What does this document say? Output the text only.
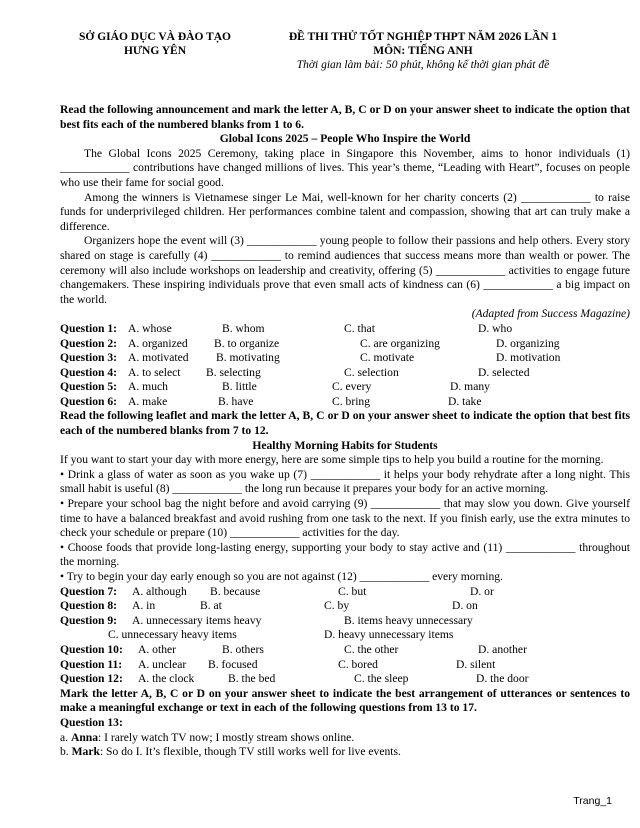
SỞ GIÁO DỤC VÀ ĐÀO TẠO
HƯNG YÊN
ĐỀ THI THỬ TỐT NGHIỆP THPT NĂM 2026 LẦN 1
MÔN: TIẾNG ANH
Thời gian làm bài: 50 phút, không kể thời gian phát đề

Read the following announcement and mark the letter A, B, C or D on your answer sheet to indicate the option that best fits each of the numbered blanks from 1 to 6.

Global Icons 2025 – People Who Inspire the World

The Global Icons 2025 Ceremony, taking place in Singapore this November, aims to honor individuals (1) ____________ contributions have changed millions of lives. This year’s theme, “Leading with Heart”, focuses on people who use their fame for social good.

Among the winners is Vietnamese singer Le Mai, well-known for her charity concerts (2) ____________ to raise funds for underprivileged children. Her performances combine talent and compassion, showing that art can truly make a difference.

Organizers hope the event will (3) ____________ young people to follow their passions and help others. Every story shared on stage is carefully (4) ____________ to remind audiences that success means more than wealth or power. The ceremony will also include workshops on leadership and creativity, offering (5) ____________ activities to engage future changemakers. These inspiring individuals prove that even small acts of kindness can (6) ____________ a big impact on the world.

(Adapted from Success Magazine)

Question 1: A. whose	B. whom	C. that	D. who
Question 2: A. organized B. to organize	C. are organizing	D. organizing
Question 3: A. motivated B. motivating	C. motivate	D. motivation
Question 4: A. to select B. selecting	C. selection	D. selected
Question 5: A. much	B. little	C. every	D. many
Question 6: A. make	B. have	C. bring	D. take

Read the following leaflet and mark the letter A, B, C or D on your answer sheet to indicate the option that best fits each of the numbered blanks from 7 to 12.

Healthy Morning Habits for Students

If you want to start your day with more energy, here are some simple tips to help you build a routine for the morning.

• Drink a glass of water as soon as you wake up (7) ____________ it helps your body rehydrate after a long night. This small habit is useful (8) ____________ the long run because it prepares your body for an active morning.

• Prepare your school bag the night before and avoid carrying (9) ____________ that may slow you down. Give yourself time to have a balanced breakfast and avoid rushing from one task to the next. If you finish early, use the extra minutes to check your schedule or prepare (10) ____________ activities for the day.

• Choose foods that provide long-lasting energy, supporting your body to stay active and (11) ____________ throughout the morning.

• Try to begin your day early enough so you are not against (12) ____________ every morning.

Question 7: A. although B. because	C. but	D. or
Question 8: A. in	B. at	C. by	D. on
Question 9: A. unnecessary items heavy	B. items heavy unnecessary
C. unnecessary heavy items	D. heavy unnecessary items
Question 10: A. other	B. others	C. the other	D. another
Question 11: A. unclear B. focused	C. bored	D. silent
Question 12: A. the clock	B. the bed	C. the sleep	D. the door

Mark the letter A, B, C or D on your answer sheet to indicate the best arrangement of utterances or sentences to make a meaningful exchange or text in each of the following questions from 13 to 17.

Question 13:

a. Anna: I rarely watch TV now; I mostly stream shows online.

b. Mark: So do I. It’s flexible, though TV still works well for live events.

Trang_1
